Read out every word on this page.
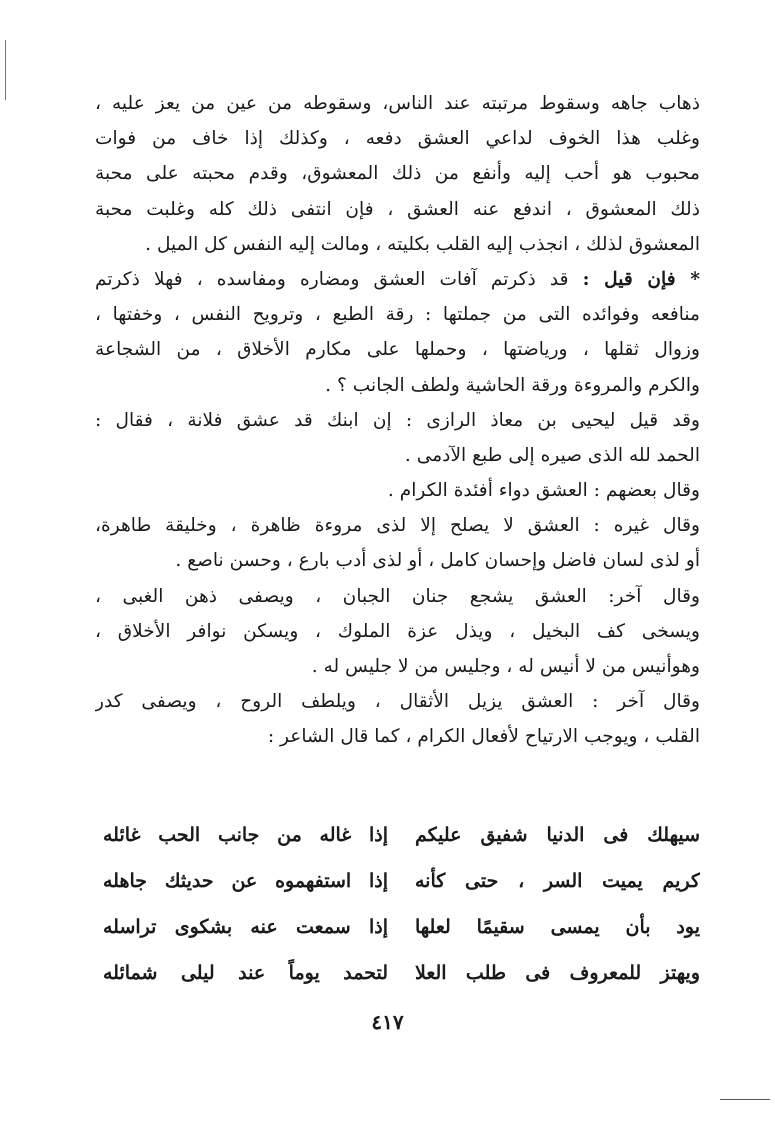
ذهاب جاهه وسقوط مرتبته عند الناس، وسقوطه من عين من يعز عليه ،
وغلب هذا الخوف لداعي العشق دفعه ، وكذلك إذا خاف من فوات
محبوب هو أحب إليه وأنفع من ذلك المعشوق، وقدم محبته على محبة
ذلك المعشوق ، اندفع عنه العشق ، فإن انتفى ذلك كله وغلبت محبة
المعشوق لذلك ، انجذب إليه القلب بكليته ، ومالت إليه النفس كل الميل .
* فإن قيل : قد ذكرتم آفات العشق ومضاره ومفاسده ، فهلا ذكرتم
منافعه وفوائده التى من جملتها : رقة الطبع ، وترويح النفس ، وخفتها ،
وزوال ثقلها ، ورياضتها ، وحملها على مكارم الأخلاق ، من الشجاعة
والكرم والمروءة ورقة الحاشية ولطف الجانب ؟ .
وقد قيل ليحيى بن معاذ الرازى : إن ابنك قد عشق فلانة ، فقال :
الحمد لله الذى صيره إلى طبع الآدمى .
وقال بعضهم : العشق دواء أفئدة الكرام .
وقال غيره : العشق لا يصلح إلا لذى مروءة ظاهرة ، وخليقة طاهرة،
أو لذى لسان فاضل وإحسان كامل ، أو لذى أدب بارع ، وحسن ناصع .
وقال آخر: العشق يشجع جنان الجبان ، ويصفى ذهن الغبى ،
ويسخى كف البخيل ، ويذل عزة الملوك ، ويسكن نوافر الأخلاق ،
وهوأنيس من لا أنيس له ، وجليس من لا جليس له .
وقال آخر : العشق يزيل الأثقال ، ويلطف الروح ، ويصفى كدر
القلب ، ويوجب الارتياح لأفعال الكرام ، كما قال الشاعر :
سيهلك فى الدنيا شفيق عليكم
إذا غاله من جانب الحب غائله
كريم يميت السر ، حتى كأنه
إذا استفهموه عن حديثك جاهله
يود بأن يمسى سقيمًا لعلها
إذا سمعت عنه بشكوى تراسله
ويهتز للمعروف فى طلب العلا
لتحمد يوماً عند ليلى شمائله
٤١٧
